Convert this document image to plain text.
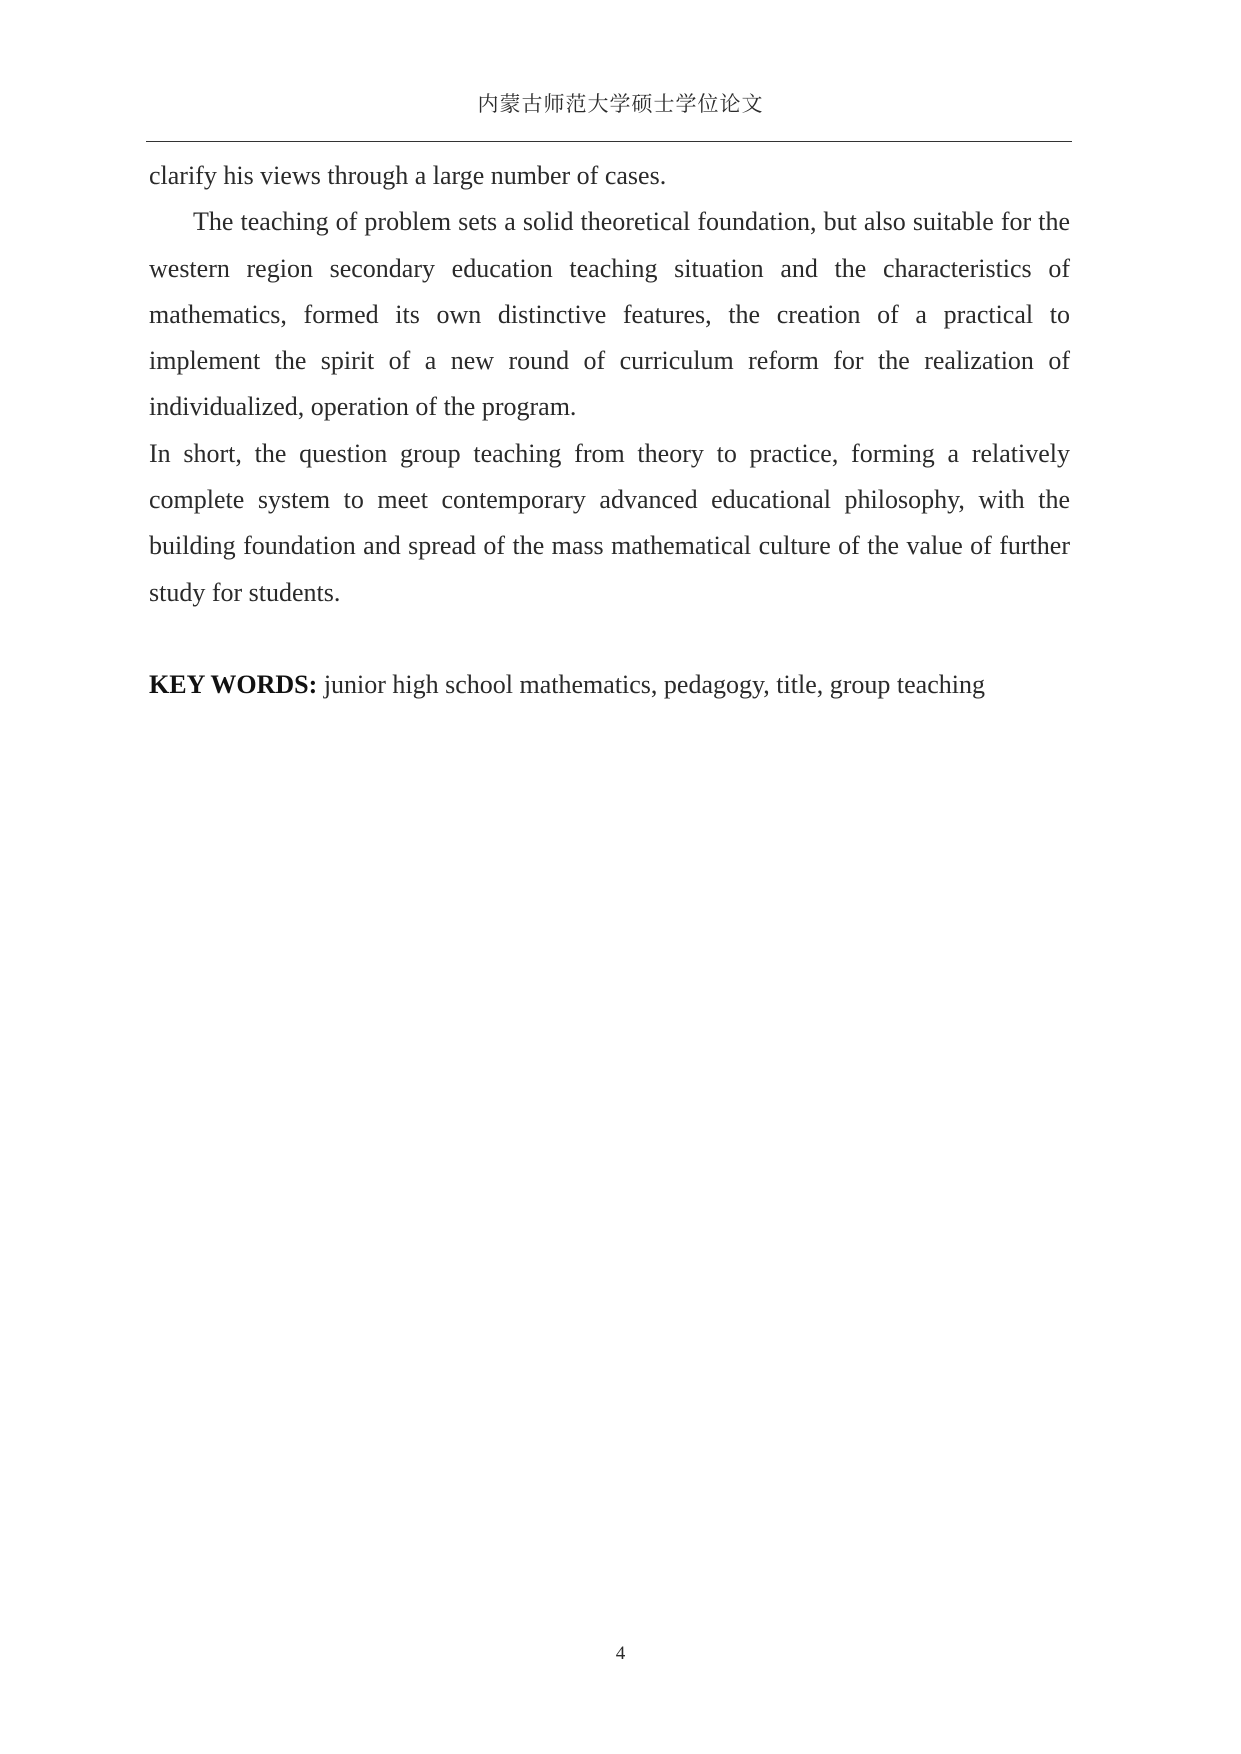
内蒙古师范大学硕士学位论文

clarify his views through a large number of cases.

The teaching of problem sets a solid theoretical foundation, but also suitable for the western region secondary education teaching situation and the characteristics of mathematics, formed its own distinctive features, the creation of a practical to implement the spirit of a new round of curriculum reform for the realization of individualized, operation of the program.

In short, the question group teaching from theory to practice, forming a relatively complete system to meet contemporary advanced educational philosophy, with the building foundation and spread of the mass mathematical culture of the value of further study for students.

KEY WORDS: junior high school mathematics, pedagogy, title, group teaching

4
